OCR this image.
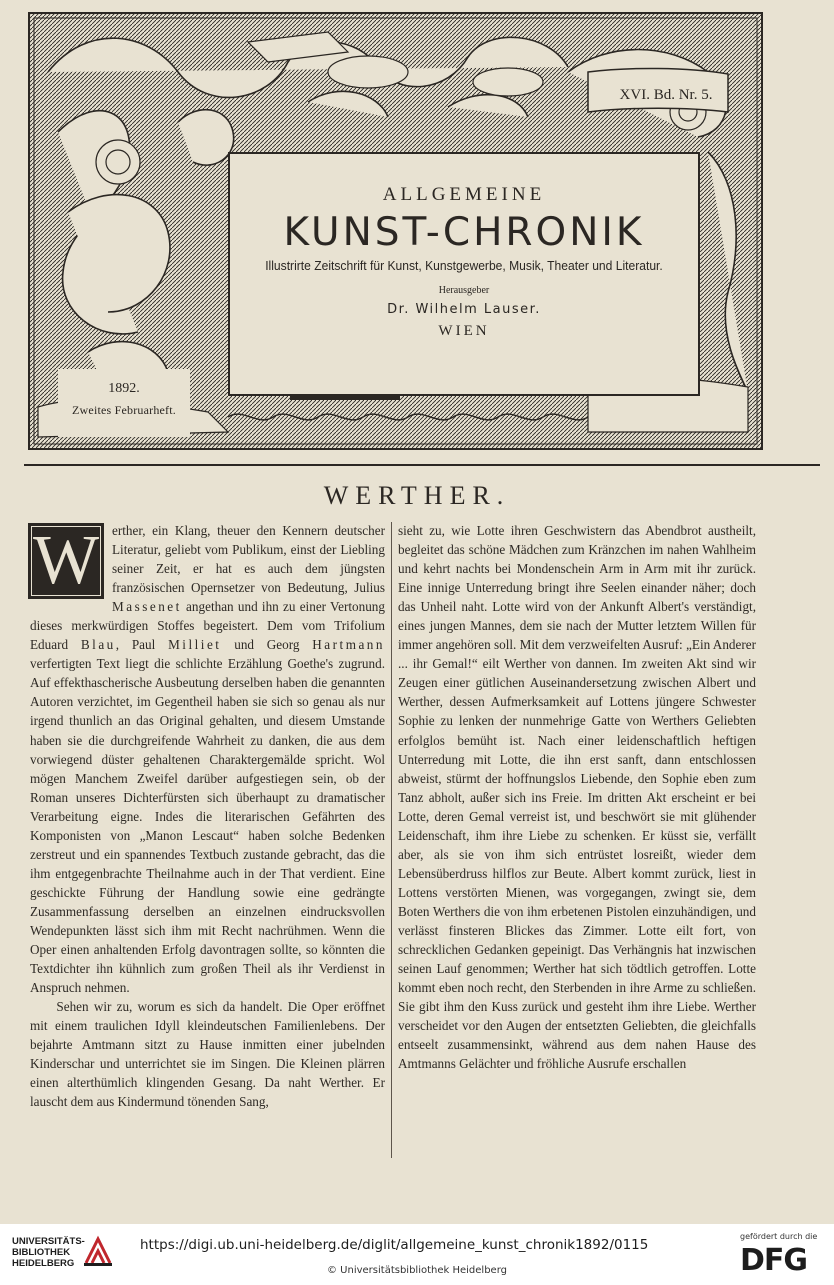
XVI. Bd. Nr. 5.
ALLGEMEINE
KUNST-CHRONIK
Illustrirte Zeitschrift für Kunst, Kunstgewerbe, Musik, Theater und Literatur.
Herausgeber
Dr. Wilhelm Lauser.
WIEN
1892.
Zweites Februarheft.
WERTHER.
W erther, ein Klang, theuer den Kennern deutscher Literatur, geliebt vom Publikum, einst der Liebling seiner Zeit, er hat es auch dem jüngsten französischen Opernsetzer von Bedeutung, Julius Massenet angethan und ihn zu einer Vertonung dieses merkwürdigen Stoffes begeistert. Dem vom Trifolium Eduard Blau, Paul Milliet und Georg Hartmann verfertigten Text liegt die schlichte Erzählung Goethe's zugrund. Auf effekthascherische Ausbeutung derselben haben die genannten Autoren verzichtet, im Gegentheil haben sie sich so genau als nur irgend thunlich an das Original gehalten, und diesem Umstande haben sie die durchgreifende Wahrheit zu danken, die aus dem vorwiegend düster gehaltenen Charaktergemälde spricht. Wol mögen Manchem Zweifel darüber aufgestiegen sein, ob der Roman unseres Dichterfürsten sich überhaupt zu dramatischer Verarbeitung eigne. Indes die literarischen Gefährten des Komponisten von „Manon Lescaut“ haben solche Bedenken zerstreut und ein spannendes Textbuch zustande gebracht, das die ihm entgegenbrachte Theilnahme auch in der That verdient. Eine geschickte Führung der Handlung sowie eine gedrängte Zusammenfassung derselben an einzelnen eindrucksvollen Wendepunkten lässt sich ihm mit Recht nachrühmen. Wenn die Oper einen anhaltenden Erfolg davontragen sollte, so könnten die Textdichter ihn kühnlich zum großen Theil als ihr Verdienst in Anspruch nehmen.

Sehen wir zu, worum es sich da handelt. Die Oper eröffnet mit einem traulichen Idyll kleindeutschen Familienlebens. Der bejahrte Amtmann sitzt zu Hause inmitten einer jubelnden Kinderschar und unterrichtet sie im Singen. Die Kleinen plärren einen alterthümlich klingenden Gesang. Da naht Werther. Er lauscht dem aus Kindermund tönenden Sang,

sieht zu, wie Lotte ihren Geschwistern das Abendbrot austheilt, begleitet das schöne Mädchen zum Kränzchen im nahen Wahlheim und kehrt nachts bei Mondenschein Arm in Arm mit ihr zurück. Eine innige Unterredung bringt ihre Seelen einander näher; doch das Unheil naht. Lotte wird von der Ankunft Albert's verständigt, eines jungen Mannes, dem sie nach der Mutter letztem Willen für immer angehören soll. Mit dem verzweifelten Ausruf: „Ein Anderer ... ihr Gemal!“ eilt Werther von dannen. Im zweiten Akt sind wir Zeugen einer gütlichen Auseinandersetzung zwischen Albert und Werther, dessen Aufmerksamkeit auf Lottens jüngere Schwester Sophie zu lenken der nunmehrige Gatte von Werthers Geliebten erfolglos bemüht ist. Nach einer leidenschaftlich heftigen Unterredung mit Lotte, die ihn erst sanft, dann entschlossen abweist, stürmt der hoffnungslos Liebende, den Sophie eben zum Tanz abholt, außer sich ins Freie. Im dritten Akt erscheint er bei Lotte, deren Gemal verreist ist, und beschwört sie mit glühender Leidenschaft, ihm ihre Liebe zu schenken. Er küsst sie, verfällt aber, als sie von ihm sich entrüstet losreißt, wieder dem Lebensüberdruss hilflos zur Beute. Albert kommt zurück, liest in Lottens verstörten Mienen, was vorgegangen, zwingt sie, dem Boten Werthers die von ihm erbetenen Pistolen einzuhändigen, und verlässt finsteren Blickes das Zimmer. Lotte eilt fort, von schrecklichen Gedanken gepeinigt. Das Verhängnis hat inzwischen seinen Lauf genommen; Werther hat sich tödtlich getroffen. Lotte kommt eben noch recht, den Sterbenden in ihre Arme zu schließen. Sie gibt ihm den Kuss zurück und gesteht ihm ihre Liebe. Werther verscheidet vor den Augen der entsetzten Geliebten, die gleichfalls entseelt zusammensinkt, während aus dem nahen Hause des Amtmanns Gelächter und fröhliche Ausrufe erschallen

UNIVERSITÄTS-
BIBLIOTHEK
HEIDELBERG
https://digi.ub.uni-heidelberg.de/diglit/allgemeine_kunst_chronik1892/0115
© Universitätsbibliothek Heidelberg
gefördert durch die
DFG
